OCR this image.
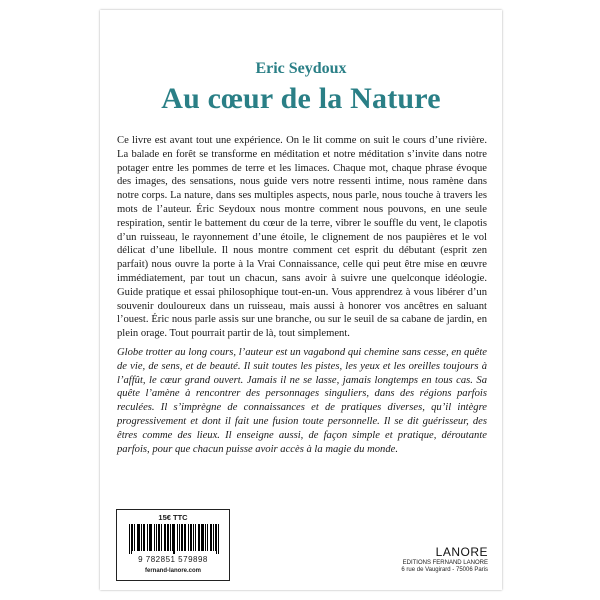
Eric Seydoux
Au cœur de la Nature

Ce livre est avant tout une expérience. On le lit comme on suit le cours d’une rivière. La balade en forêt se transforme en méditation et notre méditation s’invite dans notre potager entre les pommes de terre et les limaces. Chaque mot, chaque phrase évoque des images, des sensations, nous guide vers notre ressenti intime, nous ramène dans notre corps. La nature, dans ses multiples aspects, nous parle, nous touche à travers les mots de l’auteur. Éric Seydoux nous montre comment nous pouvons, en une seule respiration, sentir le battement du cœur de la terre, vibrer le souffle du vent, le clapotis d’un ruisseau, le rayonnement d’une étoile, le clignement de nos paupières et le vol délicat d’une libellule. Il nous montre comment cet esprit du débutant (esprit zen parfait) nous ouvre la porte à la Vrai Connaissance, celle qui peut être mise en œuvre immédiatement, par tout un chacun, sans avoir à suivre une quelconque idéologie. Guide pratique et essai philosophique tout-en-un. Vous apprendrez à vous libérer d’un souvenir douloureux dans un ruisseau, mais aussi à honorer vos ancêtres en saluant l’ouest. Éric nous parle assis sur une branche, ou sur le seuil de sa cabane de jardin, en plein orage. Tout pourrait partir de là, tout simplement.

Globe trotter au long cours, l’auteur est un vagabond qui chemine sans cesse, en quête de vie, de sens, et de beauté. Il suit toutes les pistes, les yeux et les oreilles toujours à l’affût, le cœur grand ouvert. Jamais il ne se lasse, jamais longtemps en tous cas. Sa quête l’amène à rencontrer des personnages singuliers, dans des régions parfois reculées. Il s’imprègne de connaissances et de pratiques diverses, qu’il intègre progressivement et dont il fait une fusion toute personnelle. Il se dit guérisseur, des êtres comme des lieux. Il enseigne aussi, de façon simple et pratique, déroutante parfois, pour que chacun puisse avoir accès à la magie du monde.

15€ TTC
9 782851 579898
fernand-lanore.com
LANORE
EDITIONS FERNAND LANORE
6 rue de Vaugirard - 75006 Paris
